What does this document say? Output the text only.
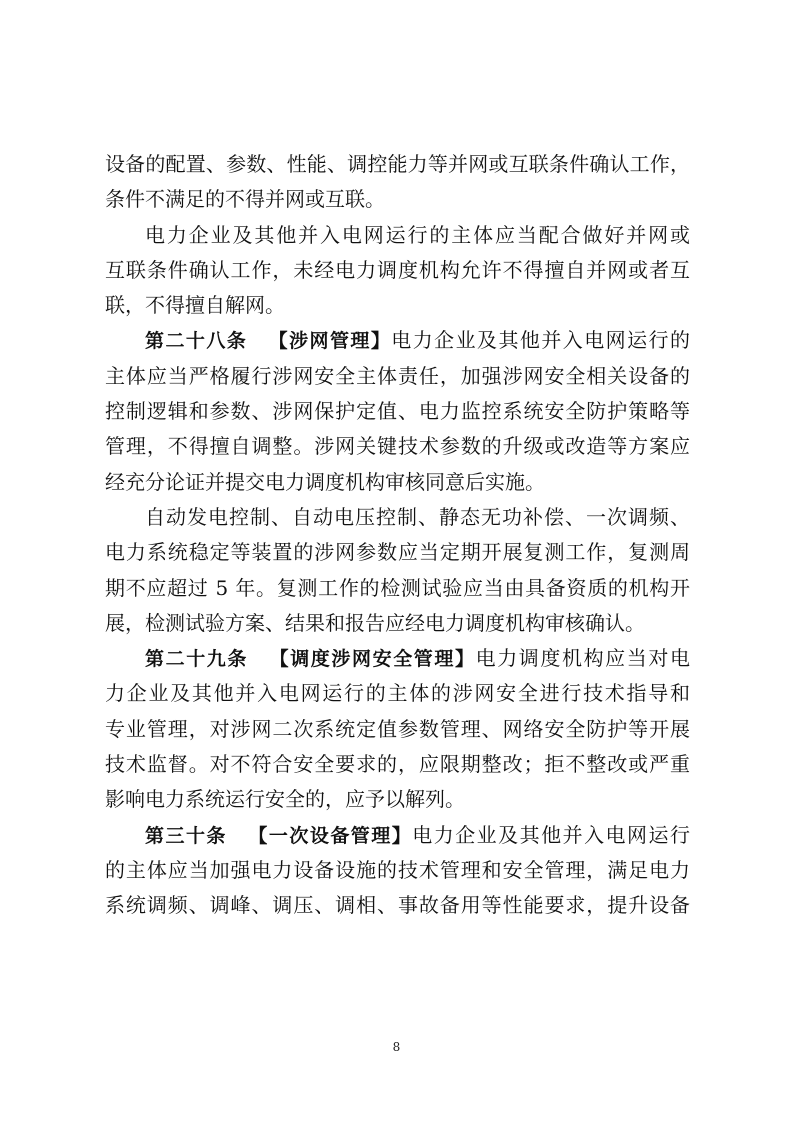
设备的配置、参数、性能、调控能力等并网或互联条件确认工作，
条件不满足的不得并网或互联。
电力企业及其他并入电网运行的主体应当配合做好并网或
互联条件确认工作，未经电力调度机构允许不得擅自并网或者互
联，不得擅自解网。
第二十八条 【涉网管理】电力企业及其他并入电网运行的
主体应当严格履行涉网安全主体责任，加强涉网安全相关设备的
控制逻辑和参数、涉网保护定值、电力监控系统安全防护策略等
管理，不得擅自调整。涉网关键技术参数的升级或改造等方案应
经充分论证并提交电力调度机构审核同意后实施。
自动发电控制、自动电压控制、静态无功补偿、一次调频、
电力系统稳定等装置的涉网参数应当定期开展复测工作，复测周
期不应超过 5 年。复测工作的检测试验应当由具备资质的机构开
展，检测试验方案、结果和报告应经电力调度机构审核确认。
第二十九条 【调度涉网安全管理】电力调度机构应当对电
力企业及其他并入电网运行的主体的涉网安全进行技术指导和
专业管理，对涉网二次系统定值参数管理、网络安全防护等开展
技术监督。对不符合安全要求的，应限期整改；拒不整改或严重
影响电力系统运行安全的，应予以解列。
第三十条 【一次设备管理】电力企业及其他并入电网运行
的主体应当加强电力设备设施的技术管理和安全管理，满足电力
系统调频、调峰、调压、调相、事故备用等性能要求，提升设备
8
